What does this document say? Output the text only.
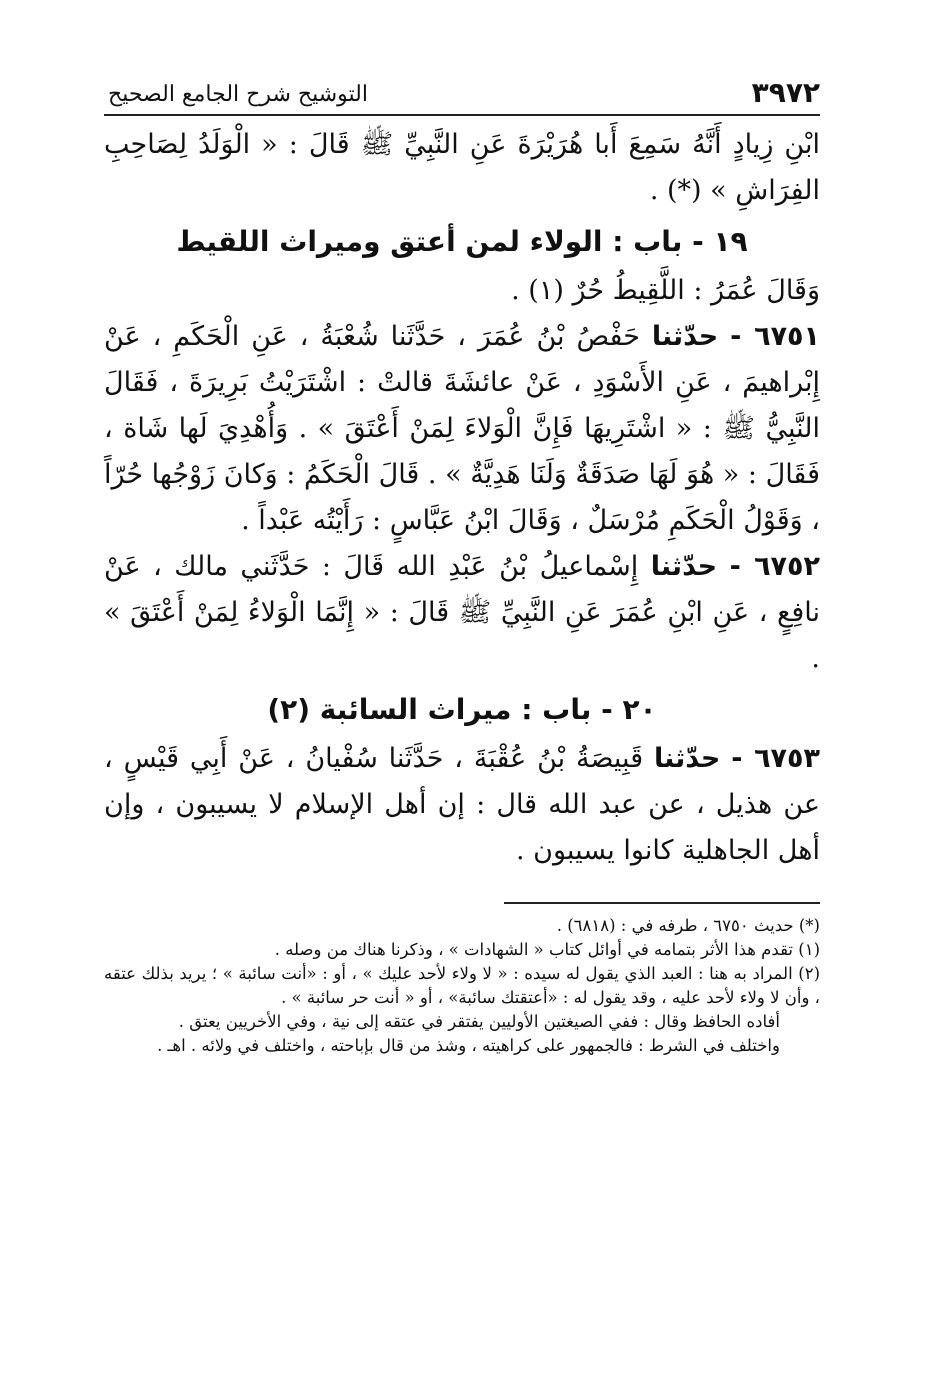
٣٩٧٢
التوشيح شرح الجامع الصحيح

ابْنِ زِيادٍ أَنَّهُ سَمِعَ أَبا هُرَيْرَةَ عَنِ النَّبِيِّ ﷺ قَالَ : « الْوَلَدُ لِصَاحِبِ الفِرَاشِ » (*) .

١٩ - باب : الولاء لمن أعتق وميراث اللقيط

وَقَالَ عُمَرُ : اللَّقِيطُ حُرٌ (١) .

٦٧٥١ - حدّثنا حَفْصُ بْنُ عُمَرَ ، حَدَّثَنا شُعْبَةُ ، عَنِ الْحَكَمِ ، عَنْ إِبْراهيمَ ، عَنِ الأَسْوَدِ ، عَنْ عائشَةَ قالتْ : اشْتَرَيْتُ بَرِيرَةَ ، فَقَالَ النَّبِيُّ ﷺ : « اشْتَرِيهَا فَإِنَّ الْوَلاءَ لِمَنْ أَعْتَقَ » . وَأُهْدِيَ لَها شَاة ، فَقَالَ : « هُوَ لَهَا صَدَقَةٌ وَلَنَا هَدِيَّةٌ » . قَالَ الْحَكَمُ : وَكانَ زَوْجُها حُرّاً ، وَقَوْلُ الْحَكَمِ مُرْسَلٌ ، وَقَالَ ابْنُ عَبَّاسٍ : رَأَيْتُه عَبْداً .

٦٧٥٢ - حدّثنا إِسْماعيلُ بْنُ عَبْدِ الله قَالَ : حَدَّثَني مالك ، عَنْ نافِعٍ ، عَنِ ابْنِ عُمَرَ عَنِ النَّبِيِّ ﷺ قَالَ : « إِنَّمَا الْوَلاءُ لِمَنْ أَعْتَقَ » .

٢٠ - باب : ميراث السائبة (٢)

٦٧٥٣ - حدّثنا قَبِيصَةُ بْنُ عُقْبَةَ ، حَدَّثَنا سُفْيانُ ، عَنْ أَبِي قَيْسٍ ، عن هذيل ، عن عبد الله قال : إن أهل الإسلام لا يسيبون ، وإن أهل الجاهلية كانوا يسيبون .

(*) حديث ٦٧٥٠ ، طرفه في : (٦٨١٨) .

(١) تقدم هذا الأثر بتمامه في أوائل كتاب « الشهادات » ، وذكرنا هناك من وصله .

(٢) المراد به هنا : العبد الذي يقول له سيده : « لا ولاء لأحد عليك » ، أو : «أنت سائبة » ؛ يريد بذلك عتقه ، وأن لا ولاء لأحد عليه ، وقد يقول له : «أعتقتك سائبة» ، أو « أنت حر سائبة » .

أفاده الحافظ وقال : ففي الصيغتين الأوليين يفتقر في عتقه إلى نية ، وفي الأخريين يعتق .

واختلف في الشرط : فالجمهور على كراهيته ، وشذ من قال بإباحته ، واختلف في ولائه . اهـ .
